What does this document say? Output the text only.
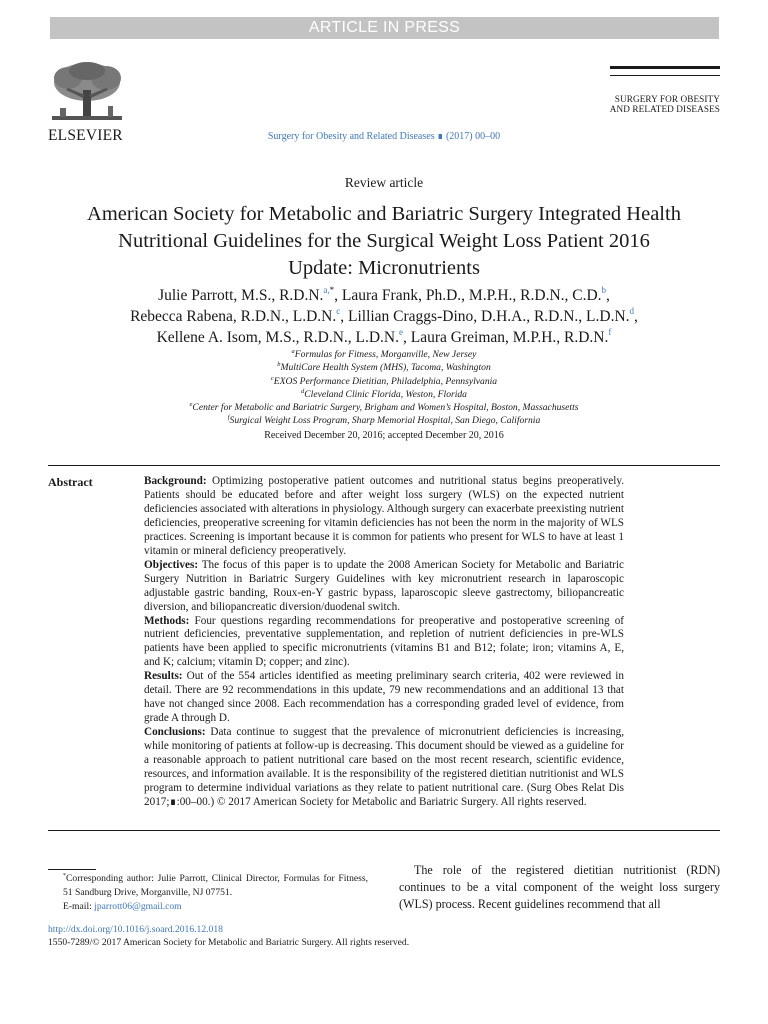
ARTICLE IN PRESS
ELSEVIER	Surgery for Obesity and Related Diseases ∎ (2017) 00–00
SURGERY FOR OBESITY
AND RELATED DISEASES
Review article
American Society for Metabolic and Bariatric Surgery Integrated Health
Nutritional Guidelines for the Surgical Weight Loss Patient 2016
Update: Micronutrients
Julie Parrott, M.S., R.D.N.$^{a,*}$, Laura Frank, Ph.D., M.P.H., R.D.N., C.D.$^b$,
Rebecca Rabena, R.D.N., L.D.N.$^c$, Lillian Craggs-Dino, D.H.A., R.D.N., L.D.N.$^d$,
Kellene A. Isom, M.S., R.D.N., L.D.N.$^e$, Laura Greiman, M.P.H., R.D.N.$^f$
$^a$Formulas for Fitness, Morganville, New Jersey
$^b$MultiCare Health System (MHS), Tacoma, Washington
$^c$EXOS Performance Dietitian, Philadelphia, Pennsylvania
$^d$Cleveland Clinic Florida, Weston, Florida
$^e$Center for Metabolic and Bariatric Surgery, Brigham and Women’s Hospital, Boston, Massachusetts
$^f$Surgical Weight Loss Program, Sharp Memorial Hospital, San Diego, California
Received December 20, 2016; accepted December 20, 2016
Abstract	Background: Optimizing postoperative patient outcomes and nutritional status begins preoperatively. Patients should be educated before and after weight loss surgery (WLS) on the expected nutrient deficiencies associated with alterations in physiology. Although surgery can exacerbate preexisting nutrient deficiencies, preoperative screening for vitamin deficiencies has not been the norm in the majority of WLS practices. Screening is important because it is common for patients who present for WLS to have at least 1 vitamin or mineral deficiency preoperatively.

Objectives: The focus of this paper is to update the 2008 American Society for Metabolic and Bariatric Surgery Nutrition in Bariatric Surgery Guidelines with key micronutrient research in laparoscopic adjustable gastric banding, Roux-en-Y gastric bypass, laparoscopic sleeve gastrectomy, biliopancreatic diversion, and biliopancreatic diversion/duodenal switch.

Methods: Four questions regarding recommendations for preoperative and postoperative screening of nutrient deficiencies, preventative supplementation, and repletion of nutrient deficiencies in pre-WLS patients have been applied to specific micronutrients (vitamins B1 and B12; folate; iron; vitamins A, E, and K; calcium; vitamin D; copper; and zinc).

Results: Out of the 554 articles identified as meeting preliminary search criteria, 402 were reviewed in detail. There are 92 recommendations in this update, 79 new recommendations and an additional 13 that have not changed since 2008. Each recommendation has a corresponding graded level of evidence, from grade A through D.

Conclusions: Data continue to suggest that the prevalence of micronutrient deficiencies is increasing, while monitoring of patients at follow-up is decreasing. This document should be viewed as a guideline for a reasonable approach to patient nutritional care based on the most recent research, scientific evidence, resources, and information available. It is the responsibility of the registered dietitian nutritionist and WLS program to determine individual variations as they relate to patient nutritional care. (Surg Obes Relat Dis 2017;∎:00–00.) © 2017 American Society for Metabolic and Bariatric Surgery. All rights reserved.

*Corresponding author: Julie Parrott, Clinical Director, Formulas for Fitness, 51 Sandburg Drive, Morganville, NJ 07751.
E-mail: jparrott06@gmail.com
The role of the registered dietitian nutritionist (RDN) continues to be a vital component of the weight loss surgery (WLS) process. Recent guidelines recommend that all
http://dx.doi.org/10.1016/j.soard.2016.12.018
1550-7289/© 2017 American Society for Metabolic and Bariatric Surgery. All rights reserved.
